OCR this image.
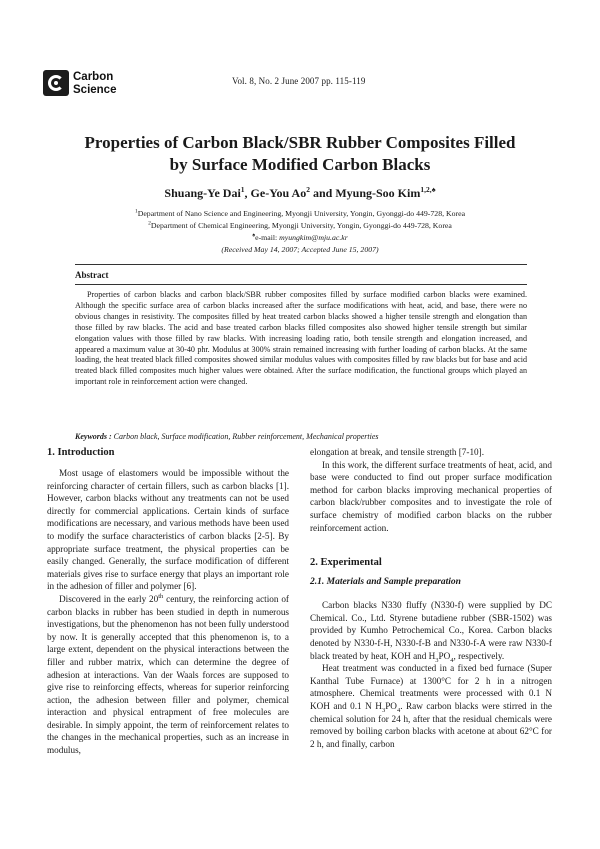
Carbon
Science
Vol. 8, No. 2 June 2007 pp. 115-119
Properties of Carbon Black/SBR Rubber Composites Filled
by Surface Modified Carbon Blacks
Shuang-Ye Dai$^1$, Ge-You Ao$^2$ and Myung-Soo Kim$^{1,2,♠}$
$^1$Department of Nano Science and Engineering, Myongji University, Yongin, Gyonggi-do 449-728, Korea
$^2$Department of Chemical Engineering, Myongji University, Yongin, Gyonggi-do 449-728, Korea
♠e-mail: myungkim@mju.ac.kr
(Received May 14, 2007; Accepted June 15, 2007)
Abstract
Properties of carbon blacks and carbon black/SBR rubber composites filled by surface modified carbon blacks were examined. Although the specific surface area of carbon blacks increased after the surface modifications with heat, acid, and base, there were no obvious changes in resistivity. The composites filled by heat treated carbon blacks showed a higher tensile strength and elongation than those filled by raw blacks. The acid and base treated carbon blacks filled composites also showed higher tensile strength but similar elongation values with those filled by raw blacks. With increasing loading ratio, both tensile strength and elongation increased, and appeared a maximum value at 30-40 phr. Modulus at 300% strain remained increasing with further loading of carbon blacks. At the same loading, the heat treated black filled composites showed similar modulus values with composites filled by raw blacks but for base and acid treated black filled composites much higher values were obtained. After the surface modification, the functional groups which played an important role in reinforcement action were changed.
Keywords : Carbon black, Surface modification, Rubber reinforcement, Mechanical properties
1. Introduction

Most usage of elastomers would be impossible without the reinforcing character of certain fillers, such as carbon blacks [1]. However, carbon blacks without any treatments can not be used directly for commercial applications. Certain kinds of surface modifications are necessary, and various methods have been used to modify the surface characteristics of carbon blacks [2-5]. By appropriate surface treatment, the physical properties can be easily changed. Generally, the surface modification of different materials gives rise to surface energy that plays an important role in the adhesion of filler and polymer [6].

Discovered in the early 20th century, the reinforcing action of carbon blacks in rubber has been studied in depth in numerous investigations, but the phenomenon has not been fully understood by now. It is generally accepted that this phenomenon is, to a large extent, dependent on the physical interactions between the filler and rubber matrix, which can determine the degree of adhesion at interactions. Van der Waals forces are supposed to give rise to reinforcing effects, whereas for superior reinforcing action, the adhesion between filler and polymer, chemical interaction and physical entrapment of free molecules are desirable. In simply appoint, the term of reinforcement relates to the changes in the mechanical properties, such as an increase in modulus,

elongation at break, and tensile strength [7-10].

In this work, the different surface treatments of heat, acid, and base were conducted to find out proper surface modification method for carbon blacks improving mechanical properties of carbon black/rubber composites and to investigate the role of surface chemistry of modified carbon blacks on the rubber reinforcement action.

2. Experimental
2.1. Materials and Sample preparation

Carbon blacks N330 fluffy (N330-f) were supplied by DC Chemical. Co., Ltd. Styrene butadiene rubber (SBR-1502) was provided by Kumho Petrochemical Co., Korea. Carbon blacks denoted by N330-f-H, N330-f-B and N330-f-A were raw N330-f black treated by heat, KOH and $H_3PO_4$, respectively.

Heat treatment was conducted in a fixed bed furnace (Super Kanthal Tube Furnace) at 1300°C for 2 h in a nitrogen atmosphere. Chemical treatments were processed with 0.1 N KOH and 0.1 N $H_3PO_4$. Raw carbon blacks were stirred in the chemical solution for 24 h, after that the residual chemicals were removed by boiling carbon blacks with acetone at about 62°C for 2 h, and finally, carbon
